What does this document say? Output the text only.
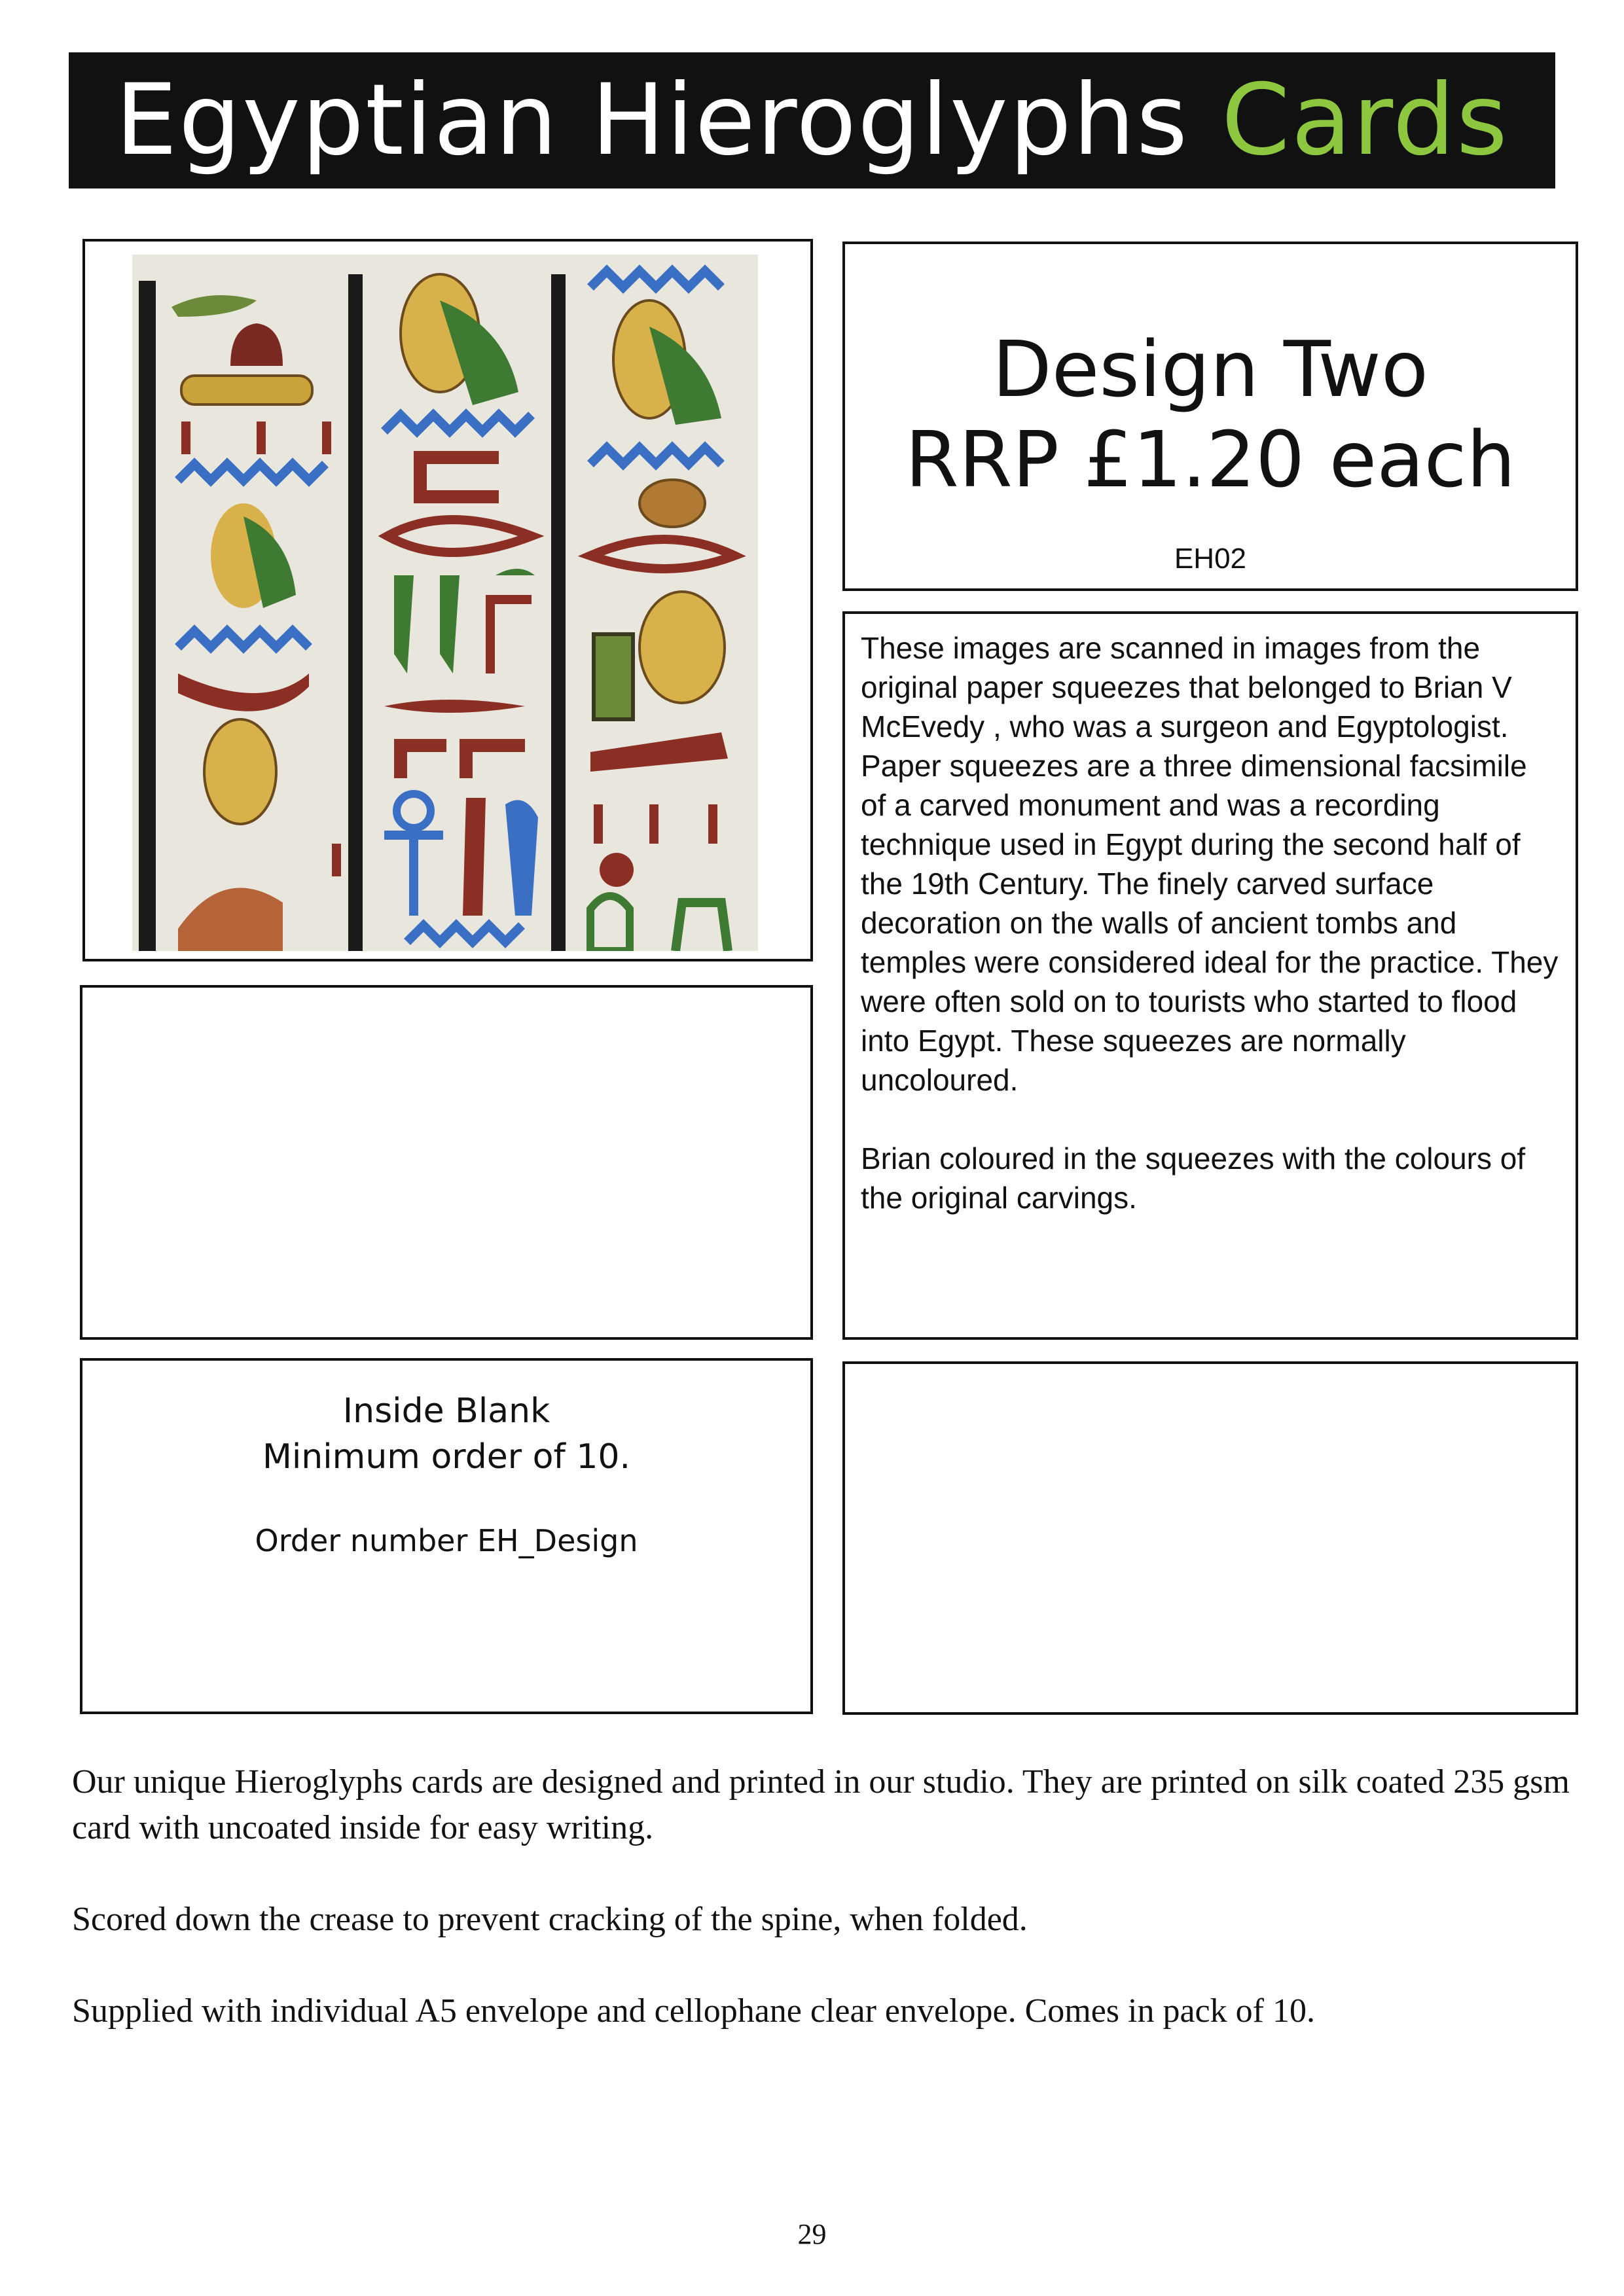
Egyptian Hieroglyphs Cards
Design Two
RRP £1.20 each
EH02

These images are scanned in images from the original paper squeezes that belonged to Brian V McEvedy , who was a surgeon and Egyptologist. Paper squeezes are a three dimensional facsimile of a carved monument and was a recording technique used in Egypt during the second half of the 19th Century. The finely carved surface decoration on the walls of ancient tombs and temples were considered ideal for the practice. They were often sold on to tourists who started to flood into Egypt. These squeezes are normally uncoloured.

Brian coloured in the squeezes with the colours of the original carvings.

Inside Blank
Minimum order of 10.
Order number EH_Design

Our unique Hieroglyphs cards are designed and printed in our studio. They are printed on silk coated 235 gsm card with uncoated inside for easy writing.

Scored down the crease to prevent cracking of the spine, when folded.

Supplied with individual A5 envelope and cellophane clear envelope. Comes in pack of 10.

29
